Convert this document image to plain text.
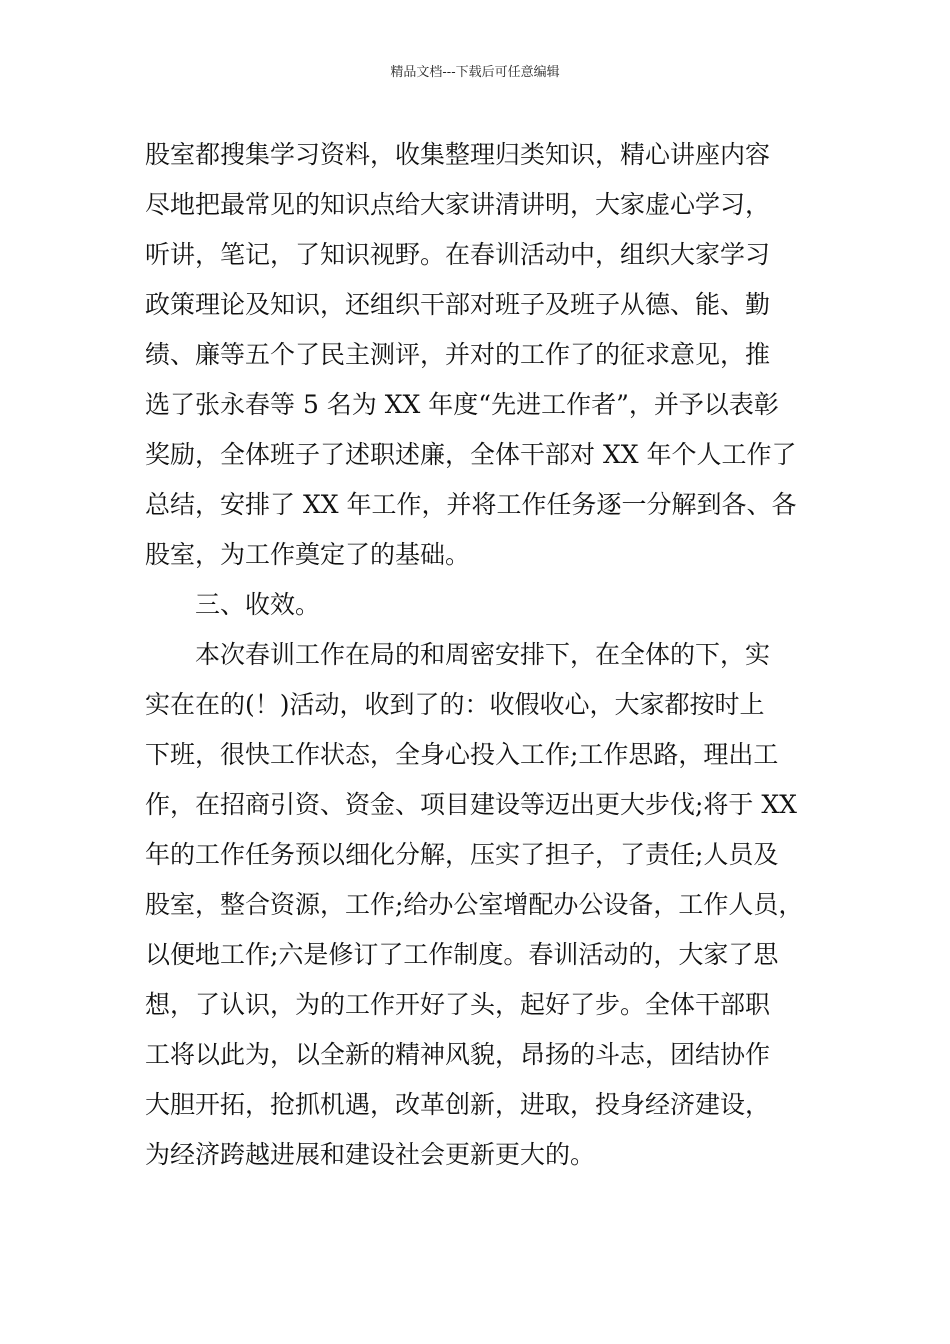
精品文档---下载后可任意编辑
股室都搜集学习资料，收集整理归类知识，精心讲座内容
尽地把最常见的知识点给大家讲清讲明，大家虚心学习，
听讲，笔记，了知识视野。在春训活动中，组织大家学习
政策理论及知识，还组织干部对班子及班子从德、能、勤
绩、廉等五个了民主测评，并对的工作了的征求意见，推
选了张永春等 5 名为 XX 年度“先进工作者”，并予以表彰
奖励，全体班子了述职述廉，全体干部对 XX 年个人工作了
总结，安排了 XX 年工作，并将工作任务逐一分解到各、各
股室，为工作奠定了的基础。
三、收效。
本次春训工作在局的和周密安排下，在全体的下，实
实在在的(！)活动，收到了的：收假收心，大家都按时上
下班，很快工作状态，全身心投入工作;工作思路，理出工
作，在招商引资、资金、项目建设等迈出更大步伐;将于 XX
年的工作任务预以细化分解，压实了担子，了责任;人员及
股室，整合资源，工作;给办公室增配办公设备，工作人员，
以便地工作;六是修订了工作制度。春训活动的，大家了思
想，了认识，为的工作开好了头，起好了步。全体干部职
工将以此为，以全新的精神风貌，昂扬的斗志，团结协作
大胆开拓，抢抓机遇，改革创新，进取，投身经济建设，
为经济跨越进展和建设社会更新更大的。
